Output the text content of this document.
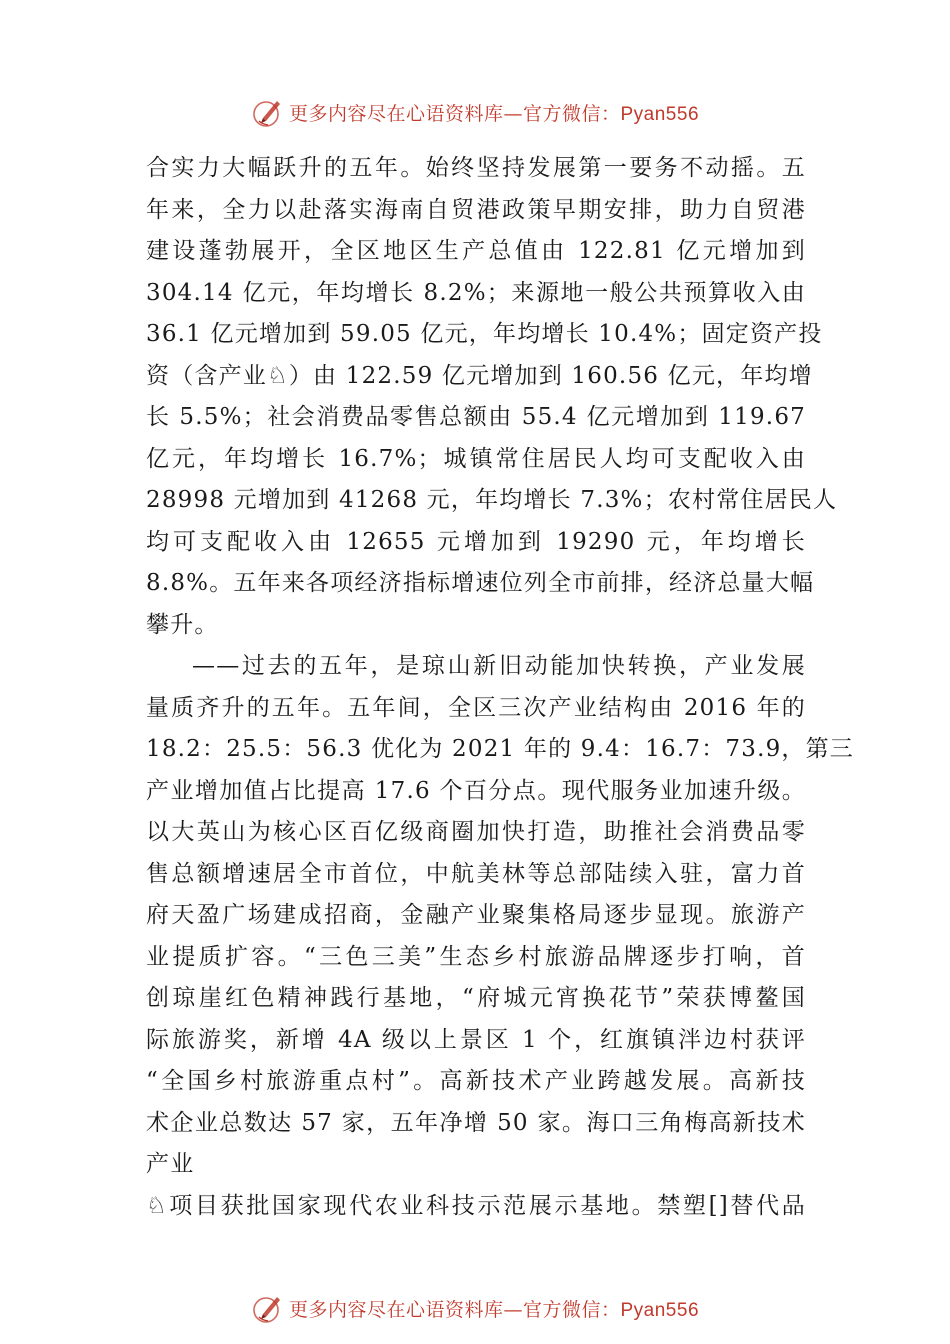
更多内容尽在心语资料库—官方微信：Pyan556
合实力大幅跃升的五年。始终坚持发展第一要务不动摇。五
年来，全力以赴落实海南自贸港政策早期安排，助力自贸港
建设蓬勃展开，全区地区生产总值由 122.81 亿元增加到
304.14 亿元，年均增长 8.2%；来源地一般公共预算收入由
36.1 亿元增加到 59.05 亿元，年均增长 10.4%；固定资产投
资（含产业♘）由 122.59 亿元增加到 160.56 亿元，年均增
长 5.5%；社会消费品零售总额由 55.4 亿元增加到 119.67
亿元，年均增长 16.7%；城镇常住居民人均可支配收入由
28998 元增加到 41268 元，年均增长 7.3%；农村常住居民人
均可支配收入由 12655 元增加到 19290 元，年均增长
8.8%。五年来各项经济指标增速位列全市前排，经济总量大幅
攀升。
——过去的五年，是琼山新旧动能加快转换，产业发展
量质齐升的五年。五年间，全区三次产业结构由 2016 年的
18.2：25.5：56.3 优化为 2021 年的 9.4：16.7：73.9，第三
产业增加值占比提高 17.6 个百分点。现代服务业加速升级。
以大英山为核心区百亿级商圈加快打造，助推社会消费品零
售总额增速居全市首位，中航美林等总部陆续入驻，富力首
府天盈广场建成招商，金融产业聚集格局逐步显现。旅游产
业提质扩容。“三色三美”生态乡村旅游品牌逐步打响，首
创琼崖红色精神践行基地，“府城元宵换花节”荣获博鳌国
际旅游奖，新增 4A 级以上景区 1 个，红旗镇泮边村获评
“全国乡村旅游重点村”。高新技术产业跨越发展。高新技
术企业总数达 57 家，五年净增 50 家。海口三角梅高新技术
产业
♘项目获批国家现代农业科技示范展示基地。禁塑[]替代品
更多内容尽在心语资料库—官方微信：Pyan556
